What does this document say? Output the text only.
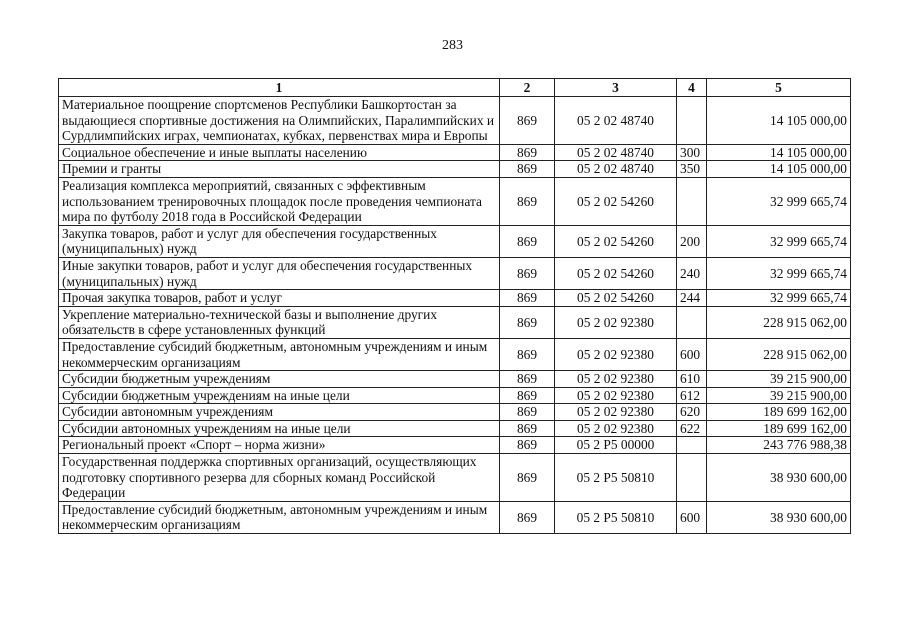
283
1	2	3	4	5
Материальное поощрение спортсменов Республики Башкортостан за выдающиеся спортивные достижения на Олимпийских, Паралимпийских и Сурдлимпийских играх, чемпионатах, кубках, первенствах мира и Европы	869	05 2 02 48740		14 105 000,00
Социальное обеспечение и иные выплаты населению	869	05 2 02 48740	300	14 105 000,00
Премии и гранты	869	05 2 02 48740	350	14 105 000,00
Реализация комплекса мероприятий, связанных с эффективным использованием тренировочных площадок после проведения чемпионата мира по футболу 2018 года в Российской Федерации	869	05 2 02 54260		32 999 665,74
Закупка товаров, работ и услуг для обеспечения государственных (муниципальных) нужд	869	05 2 02 54260	200	32 999 665,74
Иные закупки товаров, работ и услуг для обеспечения государственных (муниципальных) нужд	869	05 2 02 54260	240	32 999 665,74
Прочая закупка товаров, работ и услуг	869	05 2 02 54260	244	32 999 665,74
Укрепление материально-технической базы и выполнение других обязательств в сфере установленных функций	869	05 2 02 92380		228 915 062,00
Предоставление субсидий бюджетным, автономным учреждениям и иным некоммерческим организациям	869	05 2 02 92380	600	228 915 062,00
Субсидии бюджетным учреждениям	869	05 2 02 92380	610	39 215 900,00
Субсидии бюджетным учреждениям на иные цели	869	05 2 02 92380	612	39 215 900,00
Субсидии автономным учреждениям	869	05 2 02 92380	620	189 699 162,00
Субсидии автономных учреждениям на иные цели	869	05 2 02 92380	622	189 699 162,00
Региональный проект «Спорт – норма жизни»	869	05 2 P5 00000		243 776 988,38
Государственная поддержка спортивных организаций, осуществляющих подготовку спортивного резерва для сборных команд Российской Федерации	869	05 2 P5 50810		38 930 600,00
Предоставление субсидий бюджетным, автономным учреждениям и иным некоммерческим организациям	869	05 2 P5 50810	600	38 930 600,00
